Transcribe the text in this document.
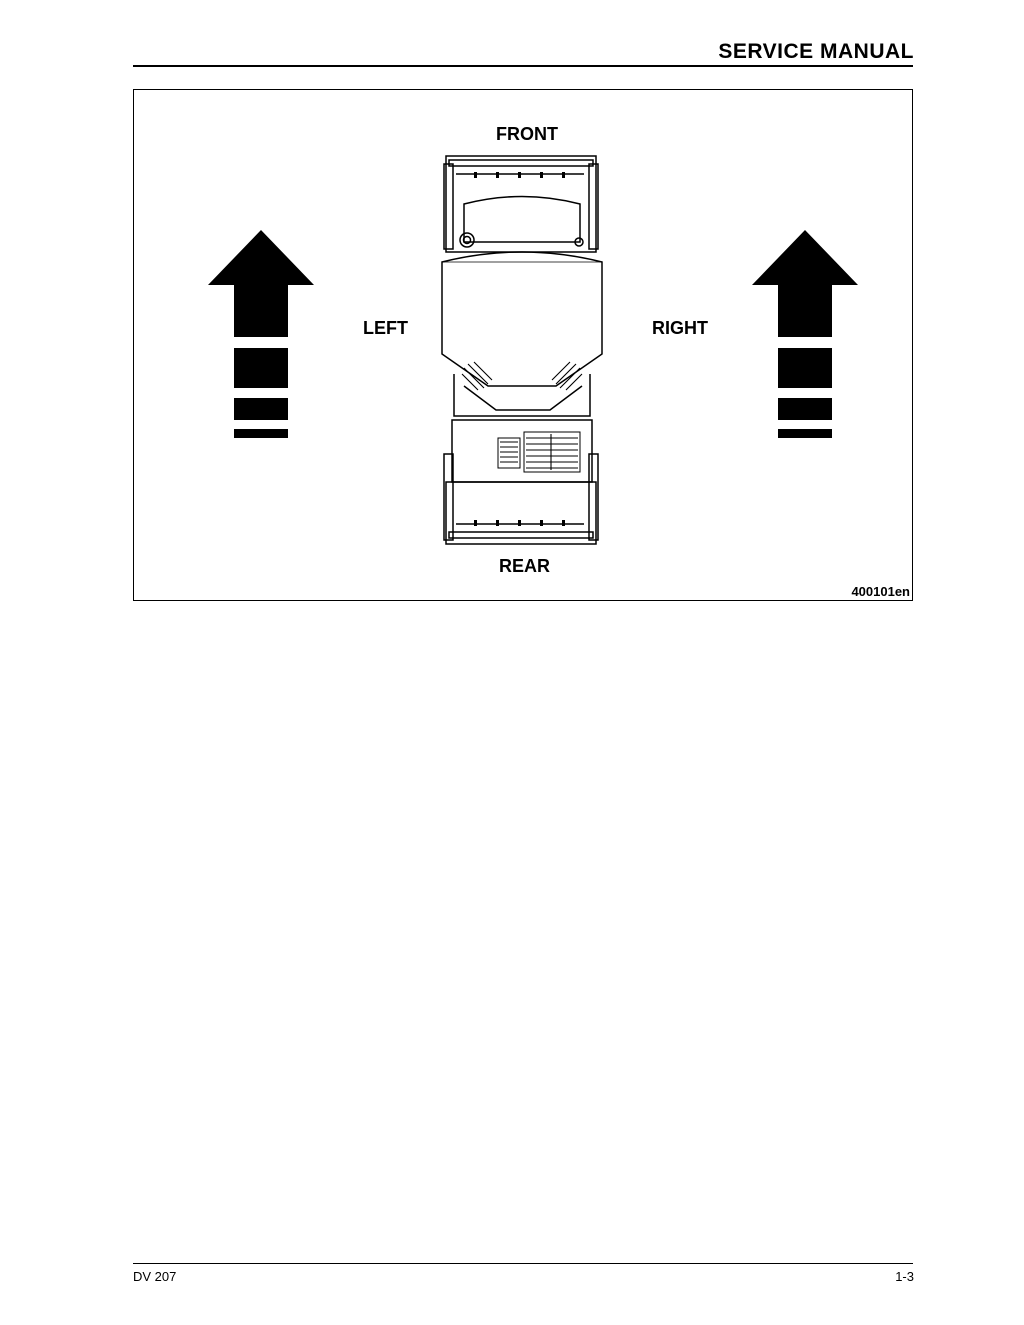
SERVICE MANUAL
FRONT
REAR
LEFT	RIGHT
400101en
DV 207	1-3
